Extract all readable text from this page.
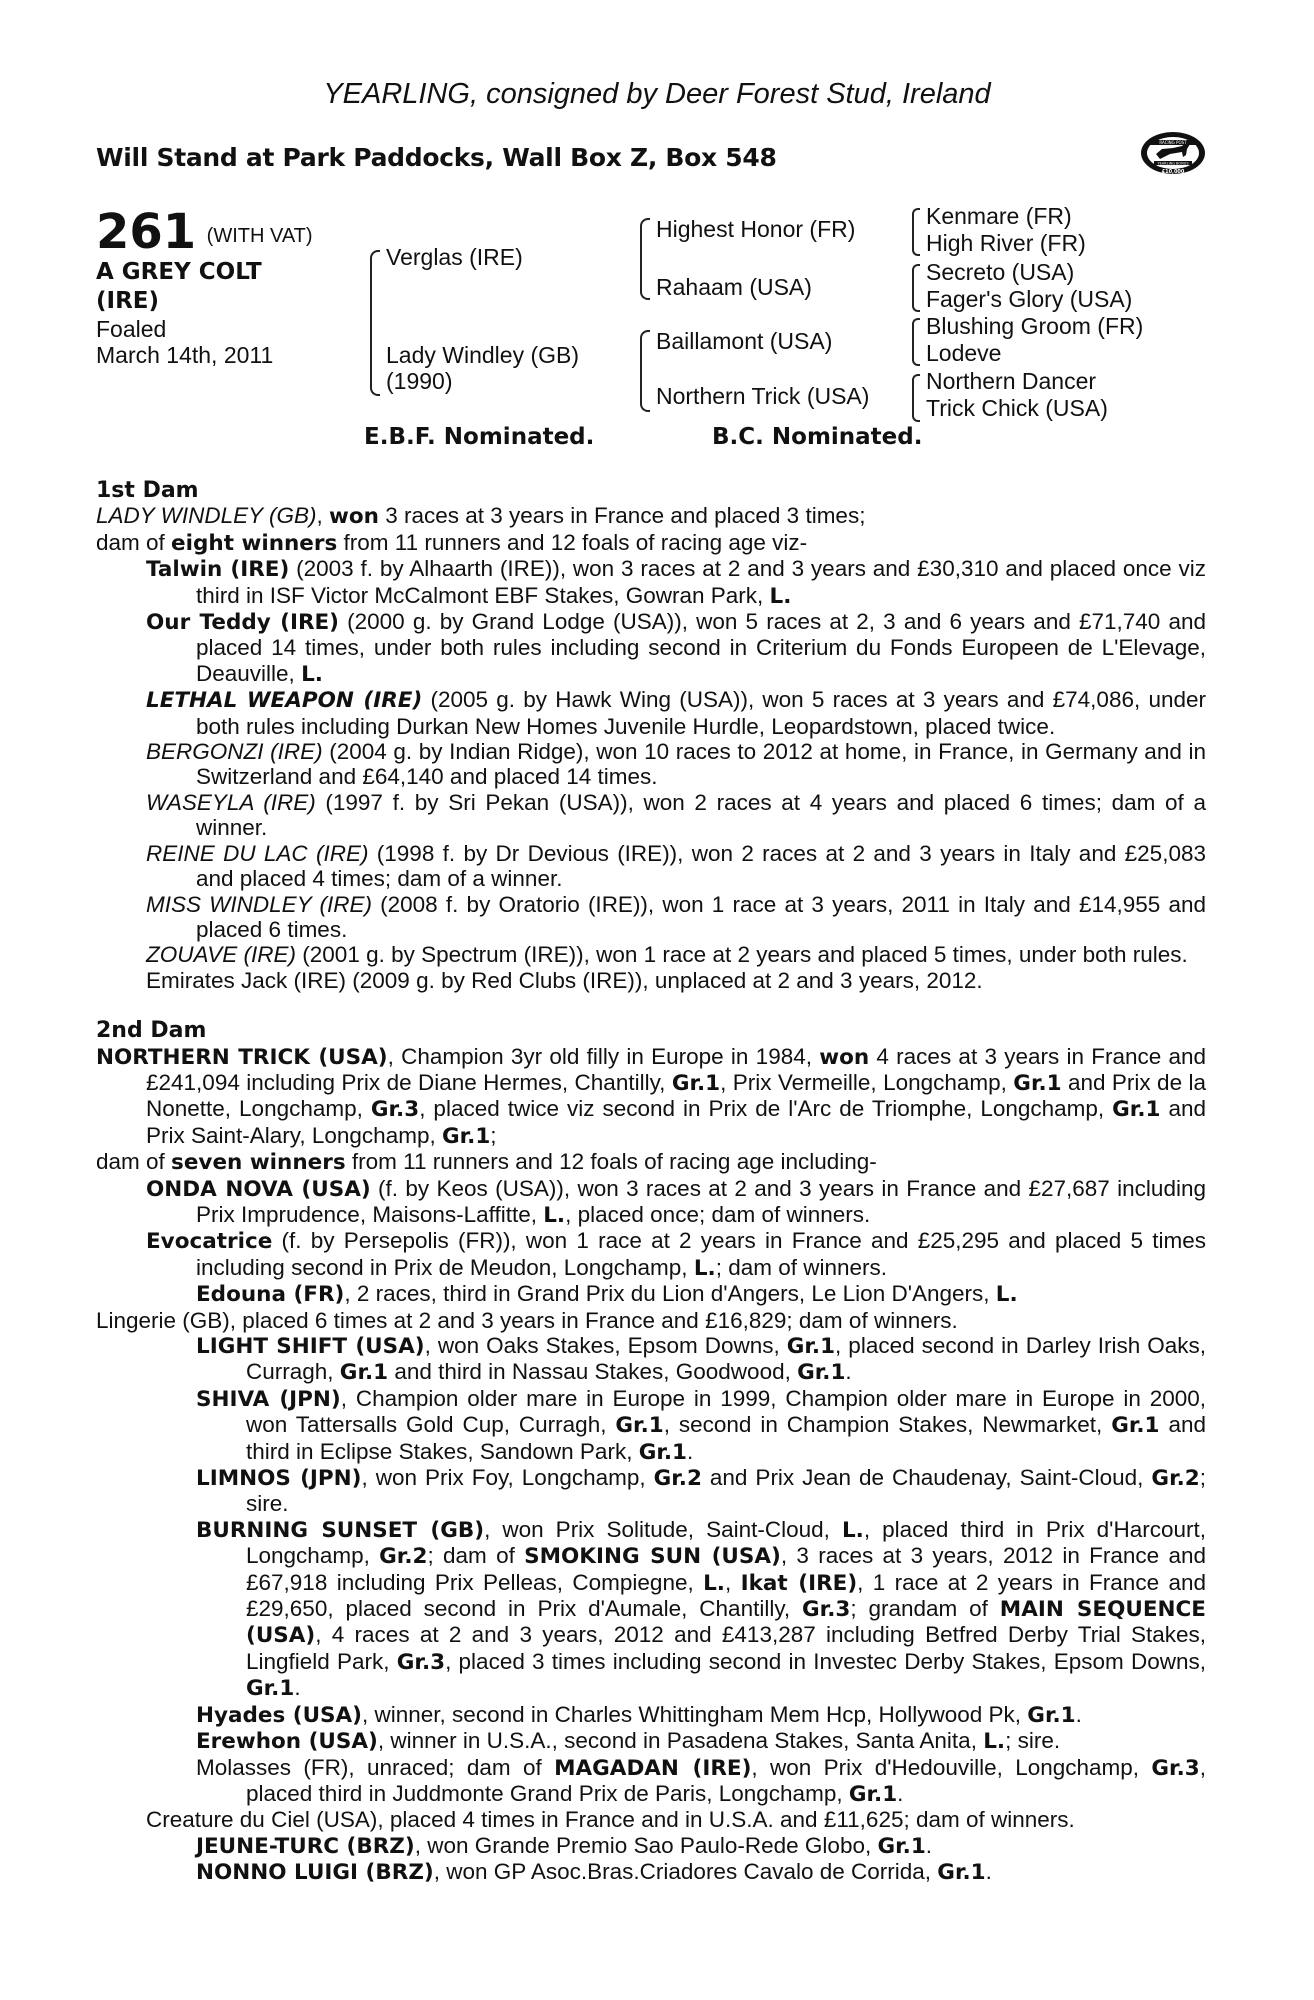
YEARLING, consigned by Deer Forest Stud, Ireland
Will Stand at Park Paddocks, Wall Box Z, Box 548
RACING POST
YEARLING BONUS
£10,000
261 (WITH VAT)
A GREY COLT
(IRE)
Foaled
March 14th, 2011
Verglas (IRE)
Lady Windley (GB)
(1990)
Highest Honor (FR)
Rahaam (USA)
Baillamont (USA)
Northern Trick (USA)
Kenmare (FR)
High River (FR)
Secreto (USA)
Fager's Glory (USA)
Blushing Groom (FR)
Lodeve
Northern Dancer
Trick Chick (USA)
E.B.F. Nominated.	B.C. Nominated.
1st Dam

LADY WINDLEY (GB), won 3 races at 3 years in France and placed 3 times;

dam of eight winners from 11 runners and 12 foals of racing age viz-

Talwin (IRE) (2003 f. by Alhaarth (IRE)), won 3 races at 2 and 3 years and £30,310 and placed once viz third in ISF Victor McCalmont EBF Stakes, Gowran Park, L.

Our Teddy (IRE) (2000 g. by Grand Lodge (USA)), won 5 races at 2, 3 and 6 years and £71,740 and placed 14 times, under both rules including second in Criterium du Fonds Europeen de L'Elevage, Deauville, L.

LETHAL WEAPON (IRE) (2005 g. by Hawk Wing (USA)), won 5 races at 3 years and £74,086, under both rules including Durkan New Homes Juvenile Hurdle, Leopardstown, placed twice.

BERGONZI (IRE) (2004 g. by Indian Ridge), won 10 races to 2012 at home, in France, in Germany and in Switzerland and £64,140 and placed 14 times.

WASEYLA (IRE) (1997 f. by Sri Pekan (USA)), won 2 races at 4 years and placed 6 times; dam of a winner.

REINE DU LAC (IRE) (1998 f. by Dr Devious (IRE)), won 2 races at 2 and 3 years in Italy and £25,083 and placed 4 times; dam of a winner.

MISS WINDLEY (IRE) (2008 f. by Oratorio (IRE)), won 1 race at 3 years, 2011 in Italy and £14,955 and placed 6 times.

ZOUAVE (IRE) (2001 g. by Spectrum (IRE)), won 1 race at 2 years and placed 5 times, under both rules.

Emirates Jack (IRE) (2009 g. by Red Clubs (IRE)), unplaced at 2 and 3 years, 2012.

2nd Dam

NORTHERN TRICK (USA), Champion 3yr old filly in Europe in 1984, won 4 races at 3 years in France and £241,094 including Prix de Diane Hermes, Chantilly, Gr.1, Prix Vermeille, Longchamp, Gr.1 and Prix de la Nonette, Longchamp, Gr.3, placed twice viz second in Prix de l'Arc de Triomphe, Longchamp, Gr.1 and Prix Saint-Alary, Longchamp, Gr.1;

dam of seven winners from 11 runners and 12 foals of racing age including-

ONDA NOVA (USA) (f. by Keos (USA)), won 3 races at 2 and 3 years in France and £27,687 including Prix Imprudence, Maisons-Laffitte, L., placed once; dam of winners.

Evocatrice (f. by Persepolis (FR)), won 1 race at 2 years in France and £25,295 and placed 5 times including second in Prix de Meudon, Longchamp, L.; dam of winners.

Edouna (FR), 2 races, third in Grand Prix du Lion d'Angers, Le Lion D'Angers, L.

Lingerie (GB), placed 6 times at 2 and 3 years in France and £16,829; dam of winners.

LIGHT SHIFT (USA), won Oaks Stakes, Epsom Downs, Gr.1, placed second in Darley Irish Oaks, Curragh, Gr.1 and third in Nassau Stakes, Goodwood, Gr.1.

SHIVA (JPN), Champion older mare in Europe in 1999, Champion older mare in Europe in 2000, won Tattersalls Gold Cup, Curragh, Gr.1, second in Champion Stakes, Newmarket, Gr.1 and third in Eclipse Stakes, Sandown Park, Gr.1.

LIMNOS (JPN), won Prix Foy, Longchamp, Gr.2 and Prix Jean de Chaudenay, Saint-Cloud, Gr.2; sire.

BURNING SUNSET (GB), won Prix Solitude, Saint-Cloud, L., placed third in Prix d'Harcourt, Longchamp, Gr.2; dam of SMOKING SUN (USA), 3 races at 3 years, 2012 in France and £67,918 including Prix Pelleas, Compiegne, L., Ikat (IRE), 1 race at 2 years in France and £29,650, placed second in Prix d'Aumale, Chantilly, Gr.3; grandam of MAIN SEQUENCE (USA), 4 races at 2 and 3 years, 2012 and £413,287 including Betfred Derby Trial Stakes, Lingfield Park, Gr.3, placed 3 times including second in Investec Derby Stakes, Epsom Downs, Gr.1.

Hyades (USA), winner, second in Charles Whittingham Mem Hcp, Hollywood Pk, Gr.1.

Erewhon (USA), winner in U.S.A., second in Pasadena Stakes, Santa Anita, L.; sire.

Molasses (FR), unraced; dam of MAGADAN (IRE), won Prix d'Hedouville, Longchamp, Gr.3, placed third in Juddmonte Grand Prix de Paris, Longchamp, Gr.1.

Creature du Ciel (USA), placed 4 times in France and in U.S.A. and £11,625; dam of winners.

JEUNE-TURC (BRZ), won Grande Premio Sao Paulo-Rede Globo, Gr.1.

NONNO LUIGI (BRZ), won GP Asoc.Bras.Criadores Cavalo de Corrida, Gr.1.
